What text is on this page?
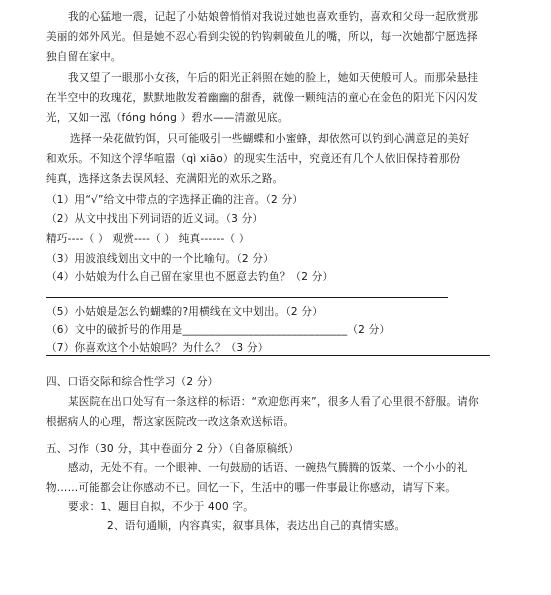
我的心猛地一震，记起了小姑娘曾悄悄对我说过她也喜欢垂钓，喜欢和父母一起欣赏那
美丽的郊外风光。但是她不忍心看到尖锐的钓钩刺破鱼儿的嘴，所以，每一次她都宁愿选择
独自留在家中。
我又望了一眼那小女孩，午后的阳光正斜照在她的脸上，她如天使般可人。而那朵悬挂
在半空中的玫瑰花，默默地散发着幽幽的甜香，就像一颗纯洁的童心在金色的阳光下闪闪发
光，又如一泓（fóng hóng ）碧水——清澈见底。
选择一朵花做钓饵，只可能吸引一些蝴蝶和小蜜蜂，却依然可以钓到心满意足的美好
和欢乐。不知这个浮华喧嚣（qì xiāo）的现实生活中，究竟还有几个人依旧保持着那份
纯真，选择这条去误风轻、充满阳光的欢乐之路。
（1）用“√”给文中带点的字选择正确的注音。（2 分）
（2）从文中找出下列词语的近义词。（3 分）
精巧----（ ） 观赏----（ ） 纯真------（ ）
（3）用波浪线划出文中的一个比喻句。（2 分）
（4）小姑娘为什么自己留在家里也不愿意去钓鱼？（2 分）
（5）小姑娘是怎么钓蝴蝶的?用横线在文中划出。（2 分）
（6）文中的破折号的作用是______________________________（2 分）
（7）你喜欢这个小姑娘吗？为什么？（3 分）
四、口语交际和综合性学习（2 分）
某医院在出口处写有一条这样的标语：“欢迎您再来”，很多人看了心里很不舒服。请你
根据病人的心理，帮这家医院改一改这条欢送标语。
五、习作（30 分，其中卷面分 2 分）（自备原稿纸）
感动，无处不有。一个眼神、一句鼓励的话语、一碗热气腾腾的饭菜、一个小小的礼
物……可能都会让你感动不已。回忆一下，生活中的哪一件事最让你感动，请写下来。
要求：1、题目自拟，不少于 400 字。
2、语句通顺，内容真实，叙事具体，表达出自己的真情实感。
